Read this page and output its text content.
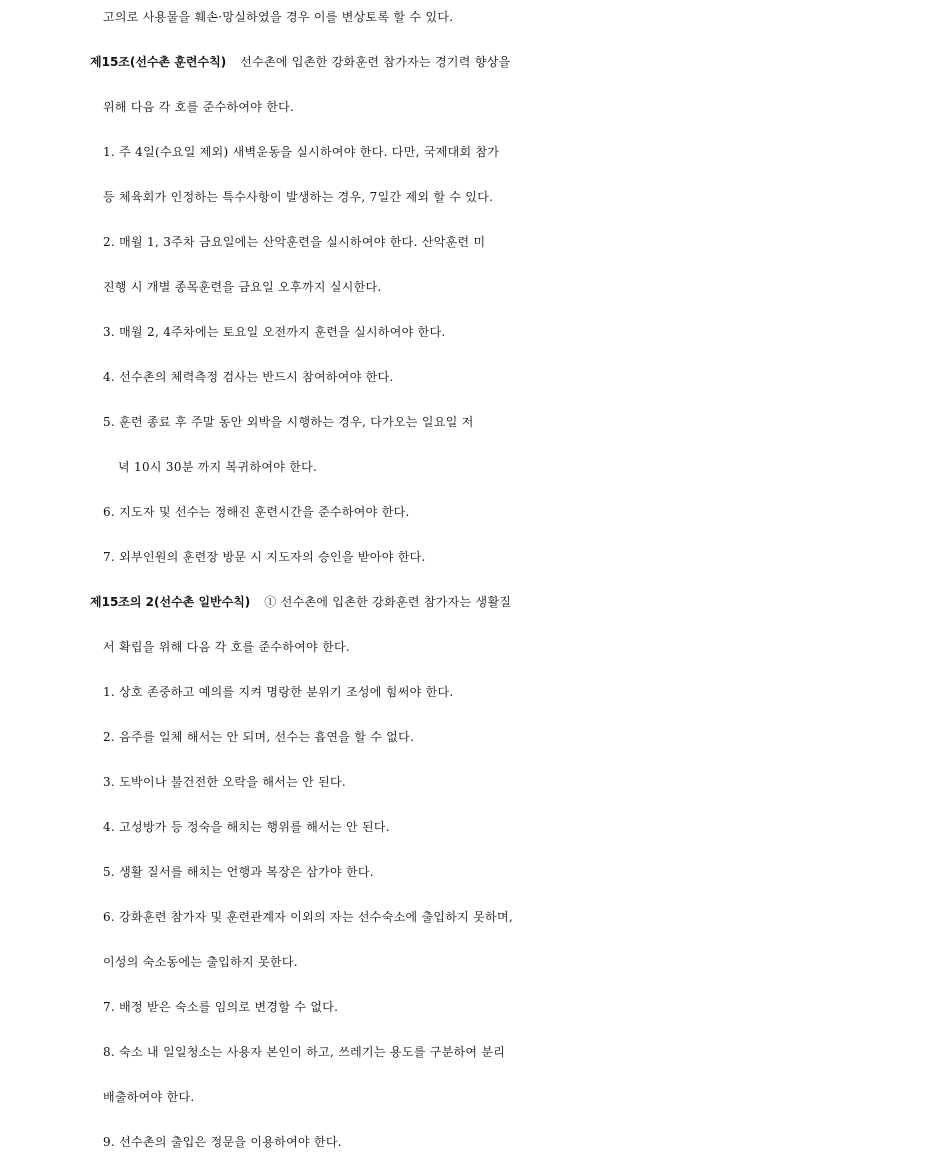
고의로 사용물을 훼손·망실하였을 경우 이를 변상토록 할 수 있다.
제15조(선수촌 훈련수칙) 선수촌에 입촌한 강화훈련 참가자는 경기력 향상을
위해 다음 각 호를 준수하여야 한다.
1. 주 4일(수요일 제외) 새벽운동을 실시하여야 한다. 다만, 국제대회 참가
등 체육회가 인정하는 특수사항이 발생하는 경우, 7일간 제외 할 수 있다.
2. 매월 1, 3주차 금요일에는 산악훈련을 실시하여야 한다. 산악훈련 미
진행 시 개별 종목훈련을 금요일 오후까지 실시한다.
3. 매월 2, 4주차에는 토요일 오전까지 훈련을 실시하여야 한다.
4. 선수촌의 체력측정 검사는 반드시 참여하여야 한다.
5. 훈련 종료 후 주말 동안 외박을 시행하는 경우, 다가오는 일요일 저
녁 10시 30분 까지 복귀하여야 한다.
6. 지도자 및 선수는 정해진 훈련시간을 준수하여야 한다.
7. 외부인원의 훈련장 방문 시 지도자의 승인을 받아야 한다.
제15조의 2(선수촌 일반수칙) ① 선수촌에 입촌한 강화훈련 참가자는 생활질
서 확립을 위해 다음 각 호를 준수하여야 한다.
1. 상호 존중하고 예의를 지켜 명랑한 분위기 조성에 힘써야 한다.
2. 음주를 일체 해서는 안 되며, 선수는 흡연을 할 수 없다.
3. 도박이나 불건전한 오락을 해서는 안 된다.
4. 고성방가 등 정숙을 해치는 행위를 해서는 안 된다.
5. 생활 질서를 해치는 언행과 복장은 삼가야 한다.
6. 강화훈련 참가자 및 훈련관계자 이외의 자는 선수숙소에 출입하지 못하며,
이성의 숙소동에는 출입하지 못한다.
7. 배정 받은 숙소를 임의로 변경할 수 없다.
8. 숙소 내 일일청소는 사용자 본인이 하고, 쓰레기는 용도를 구분하여 분리
배출하여야 한다.
9. 선수촌의 출입은 정문을 이용하여야 한다.
